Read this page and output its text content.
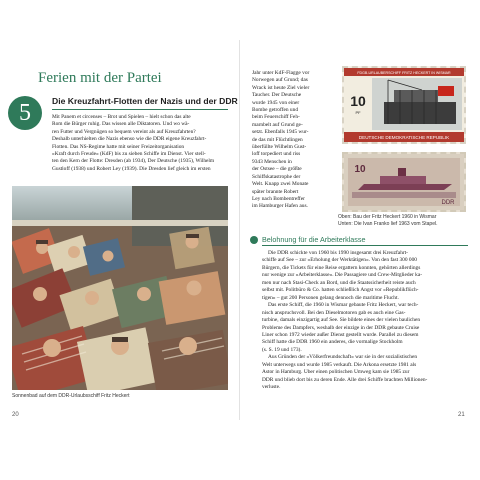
Ferien mit der Partei
5	Die Kreuzfahrt-Flotten der Nazis und der DDR
Mit Panem et circenses – Brot und Spielen – hielt schon das alte
Rom die Bürger ruhig. Das wissen alle Diktatoren. Und wo wä-
ren Futter und Vergnügen so bequem vereint als auf Kreuzfahrten?
Deshalb unterhielten die Nazis ebenso wie die DDR eigene Kreuzfahrt-
Flotten. Das NS-Regime hatte mit seiner Freizeitorganisation
»Kraft durch Freude« (KdF) bis zu sieben Schiffe im Dienst. Vier stell-
ten den Kern der Flotte: Dresden (ab 1934), Der Deutsche (1935), Wilhelm
Gustloff (1938) und Robert Ley (1939). Die Dresden lief gleich im ersten
Sonnenbad auf dem DDR-Urlaubsschiff Fritz Heckert
20
Jahr unter KdF-Flagge vor
Norwegen auf Grund; das
Wrack ist heute Ziel vieler
Taucher. Der Deutsche
wurde 1945 von einer
Bombe getroffen und
beim Feuerschiff Feh-
marnbelt auf Grund ge-
setzt. Ebenfalls 1945 wur-
de das mit Flüchtlingen
überfüllte Wilhelm Gust-
loff torpediert und riss
9343 Menschen in
der Ostsee – die größte
Schiffskatastrophe der
Welt. Knapp zwei Monate
später brannte Robert
Ley nach Bombentreffer
im Hamburger Hafen aus.
FDGB-URLAUBERSCHIFF FRITZ HECKERT IN WISMAR
10
PF
DEUTSCHE DEMOKRATISCHE REPUBLIK
10
DDR
Oben: Bau der Fritz Heckert 1960 in Wismar
Unten: Die Ivan Franko lief 1963 vom Stapel.
Belohnung für die Arbeiterklasse
Die DDR schickte von 1960 bis 1990 insgesamt drei Kreuzfahrt-
schiffe auf See – zur »Erholung der Werktätigen«. Von den fast 300 000
Bürgern, die Tickets für eine Reise ergattern konnten, gehörten allerdings
nur wenige zur »Arbeiterklasse«. Die Passagiere und Crew-Mitglieder ka-
men nur nach Stasi-Check an Bord, und die Staatssicherheit reiste auch
selbst mit. Politbüro & Co. hatten schließlich Angst vor »Republikflüch-
tigen« – gut 200 Personen gelang dennoch die maritime Flucht.
Das erste Schiff, die 1960 in Wismar gebaute Fritz Heckert, war tech-
nisch anspruchsvoll. Bei den Dieselmotoren gab es auch eine Gas-
turbine, damals einzigartig auf See. Sie bildete eines der vielen baulichen
Probleme des Dampfers, weshalb der einzige in der DDR gebaute Cruise
Liner schon 1972 wieder außer Dienst gestellt wurde. Parallel zu diesem
Schiff hatte die DDR 1960 ein anderes, die vormalige Stockholm
(s. S. 19 und 173).
Aus Gründen der »Völkerfreundschaft« war sie in der sozialistischen
Welt unterwegs und wurde 1985 verkauft. Die Arkona ersetzte 1981 als
Astor in Hamburg. Über einen politischen Umweg kam sie 1985 zur
DDR und blieb dort bis zu deren Ende. Alle drei Schiffe brachten Millionen-
verluste.
21
